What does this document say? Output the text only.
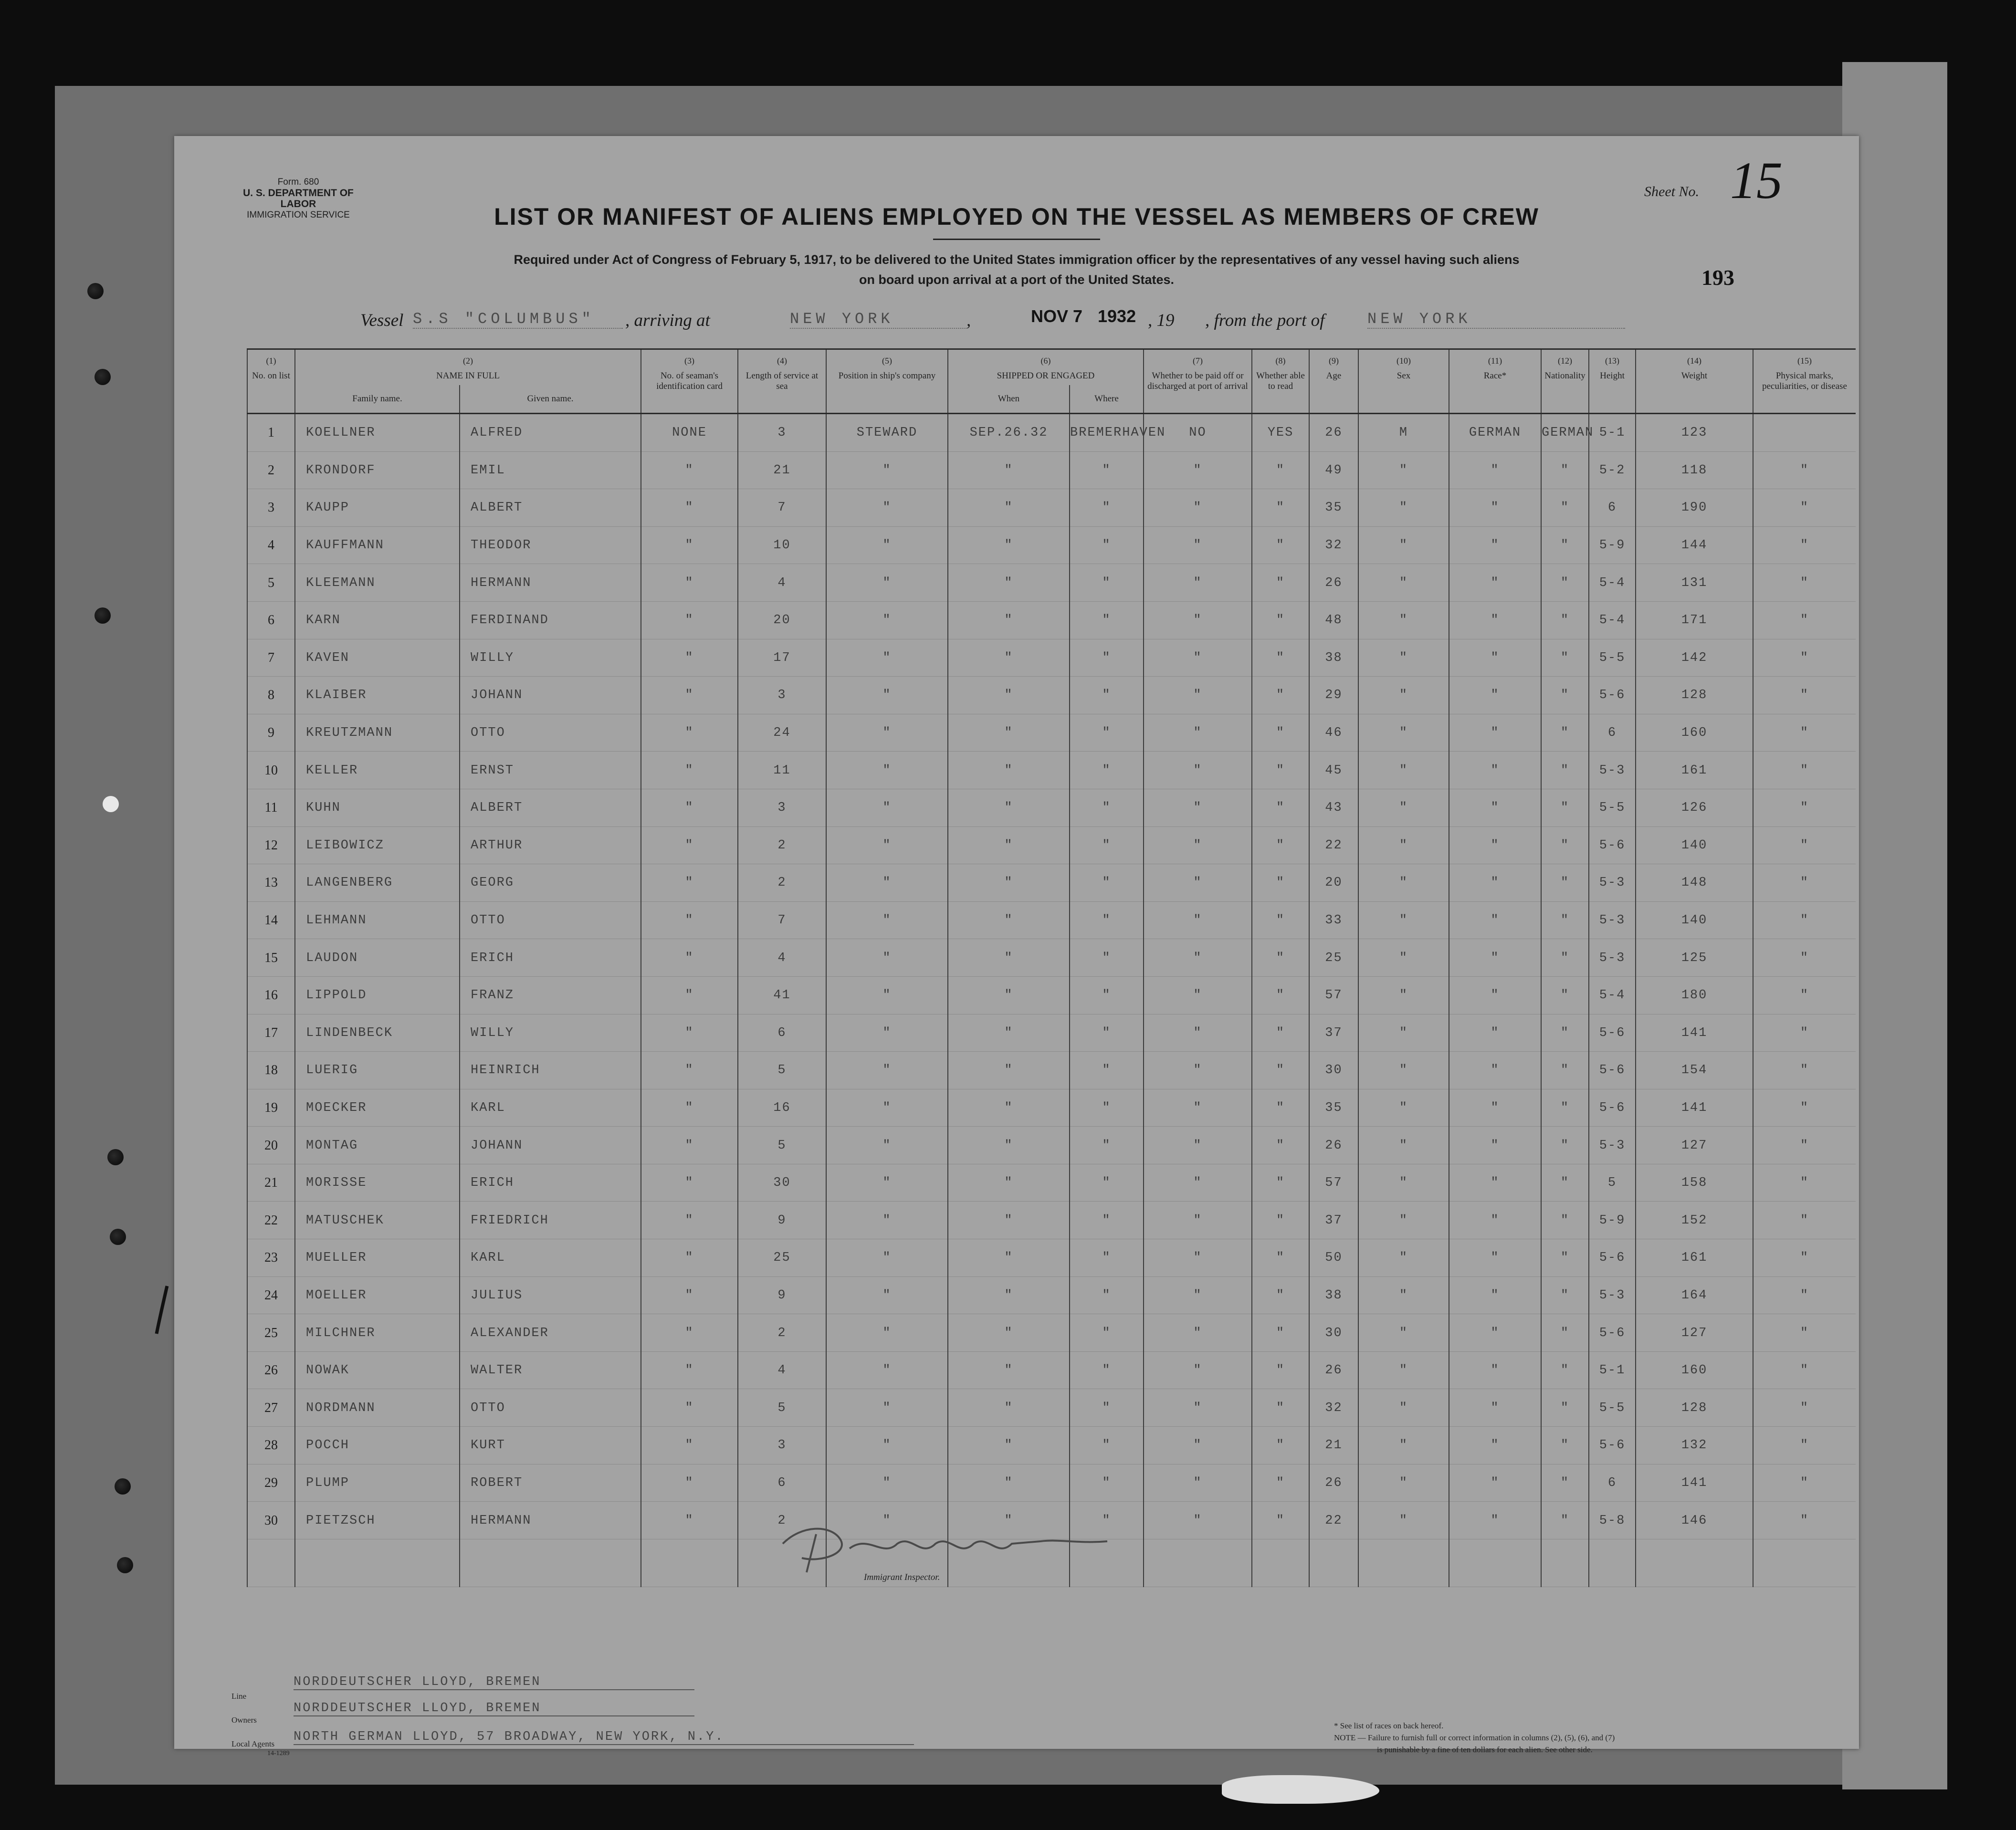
Form. 680
U. S. DEPARTMENT OF LABOR
IMMIGRATION SERVICE
Sheet No. 15
193
LIST OR MANIFEST OF ALIENS EMPLOYED ON THE VESSEL AS MEMBERS OF CREW
Required under Act of Congress of February 5, 1917, to be delivered to the United States immigration officer by the representatives of any vessel having such aliens
on board upon arrival at a port of the United States.
Vessel S.S "COLUMBUS"	, arriving at	NEW YORK	,	NOV 7 1932 , 19 , from the port of	NEW YORK
(1)	(2)		(3)	(4)	(5)	(6)		(7)	(8)	(9)	(10)	(11)	(12)	(13)	(14)	(15)
No. on list	NAME IN FULL		No. of seaman's identification card	Length of service at sea	Position in ship's company	SHIPPED OR ENGAGED		Whether to be paid off or discharged at port of arrival	Whether able to read	Age	Sex	Race*	Nationality	Height	Weight	Physical marks, peculiarities, or disease
	Family name.	Given name.				When	Where									
1	KOELLNER	ALFRED	NONE	3	STEWARD	SEP.26.32	BREMERHAVEN	NO	YES	26	M	GERMAN	GERMAN	5-1	123	
2	KRONDORF	EMIL	"	21	"	"	"	"	"	49	"	"	"	5-2	118	"
3	KAUPP	ALBERT	"	7	"	"	"	"	"	35	"	"	"	6	190	"
4	KAUFFMANN	THEODOR	"	10	"	"	"	"	"	32	"	"	"	5-9	144	"
5	KLEEMANN	HERMANN	"	4	"	"	"	"	"	26	"	"	"	5-4	131	"
6	KARN	FERDINAND	"	20	"	"	"	"	"	48	"	"	"	5-4	171	"
7	KAVEN	WILLY	"	17	"	"	"	"	"	38	"	"	"	5-5	142	"
8	KLAIBER	JOHANN	"	3	"	"	"	"	"	29	"	"	"	5-6	128	"
9	KREUTZMANN	OTTO	"	24	"	"	"	"	"	46	"	"	"	6	160	"
10	KELLER	ERNST	"	11	"	"	"	"	"	45	"	"	"	5-3	161	"
11	KUHN	ALBERT	"	3	"	"	"	"	"	43	"	"	"	5-5	126	"
12	LEIBOWICZ	ARTHUR	"	2	"	"	"	"	"	22	"	"	"	5-6	140	"
13	LANGENBERG	GEORG	"	2	"	"	"	"	"	20	"	"	"	5-3	148	"
14	LEHMANN	OTTO	"	7	"	"	"	"	"	33	"	"	"	5-3	140	"
15	LAUDON	ERICH	"	4	"	"	"	"	"	25	"	"	"	5-3	125	"
16	LIPPOLD	FRANZ	"	41	"	"	"	"	"	57	"	"	"	5-4	180	"
17	LINDENBECK	WILLY	"	6	"	"	"	"	"	37	"	"	"	5-6	141	"
18	LUERIG	HEINRICH	"	5	"	"	"	"	"	30	"	"	"	5-6	154	"
19	MOECKER	KARL	"	16	"	"	"	"	"	35	"	"	"	5-6	141	"
20	MONTAG	JOHANN	"	5	"	"	"	"	"	26	"	"	"	5-3	127	"
21	MORISSE	ERICH	"	30	"	"	"	"	"	57	"	"	"	5	158	"
22	MATUSCHEK	FRIEDRICH	"	9	"	"	"	"	"	37	"	"	"	5-9	152	"
23	MUELLER	KARL	"	25	"	"	"	"	"	50	"	"	"	5-6	161	"
24	MOELLER	JULIUS	"	9	"	"	"	"	"	38	"	"	"	5-3	164	"
25	MILCHNER	ALEXANDER	"	2	"	"	"	"	"	30	"	"	"	5-6	127	"
26	NOWAK	WALTER	"	4	"	"	"	"	"	26	"	"	"	5-1	160	"
27	NORDMANN	OTTO	"	5	"	"	"	"	"	32	"	"	"	5-5	128	"
28	POCCH	KURT	"	3	"	"	"	"	"	21	"	"	"	5-6	132	"
29	PLUMP	ROBERT	"	6	"	"	"	"	"	26	"	"	"	6	141	"
30	PIETZSCH	HERMANN	"	2	"	"	"	"	"	22	"	"	"	5-8	146	"

Line
NORDDEUTSCHER LLOYD, BREMEN
Owners
NORDDEUTSCHER LLOYD, BREMEN
Local Agents NORTH GERMAN LLOYD, 57 BROADWAY, NEW YORK, N.Y.
14-1289
* See list of races on back hereof.
NOTE — Failure to furnish full or correct information in columns (2), (5), (6), and (7)
is punishable by a fine of ten dollars for each alien. See other side.
Immigrant Inspector.
